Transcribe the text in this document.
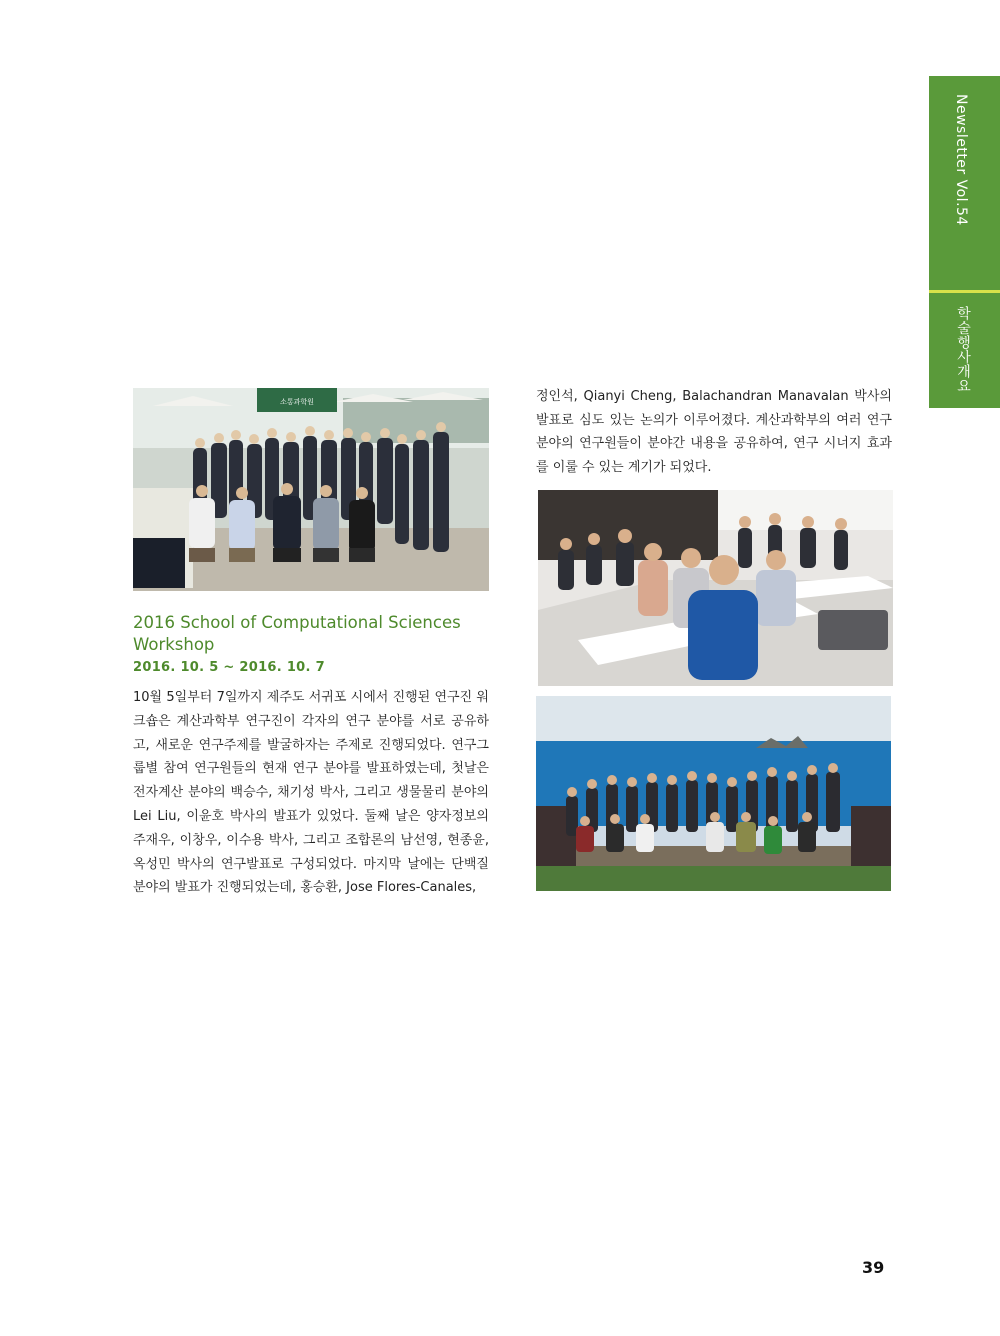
Newsletter Vol.54
학술행사개요
소통과학원
2016 School of Computational Sciences Workshop
2016. 10. 5 ~ 2016. 10. 7
10월 5일부터 7일까지 제주도 서귀포 시에서 진행된 연구진 워크숍은 계산과학부 연구진이 각자의 연구 분야를 서로 공유하고, 새로운 연구주제를 발굴하자는 주제로 진행되었다. 연구그룹별 참여 연구원들의 현재 연구 분야를 발표하였는데, 첫날은 전자계산 분야의 백승수, 채기성 박사, 그리고 생물물리 분야의 Lei Liu, 이윤호 박사의 발표가 있었다. 둘째 날은 양자정보의 주재우, 이창우, 이수용 박사, 그리고 조합론의 남선영, 현종윤, 옥성민 박사의 연구발표로 구성되었다. 마지막 날에는 단백질 분야의 발표가 진행되었는데, 홍승환, Jose Flores-Canales,
정인석, Qianyi Cheng, Balachandran Manavalan 박사의 발표로 심도 있는 논의가 이루어졌다. 계산과학부의 여러 연구 분야의 연구원들이 분야간 내용을 공유하여, 연구 시너지 효과를 이룰 수 있는 계기가 되었다.
39
